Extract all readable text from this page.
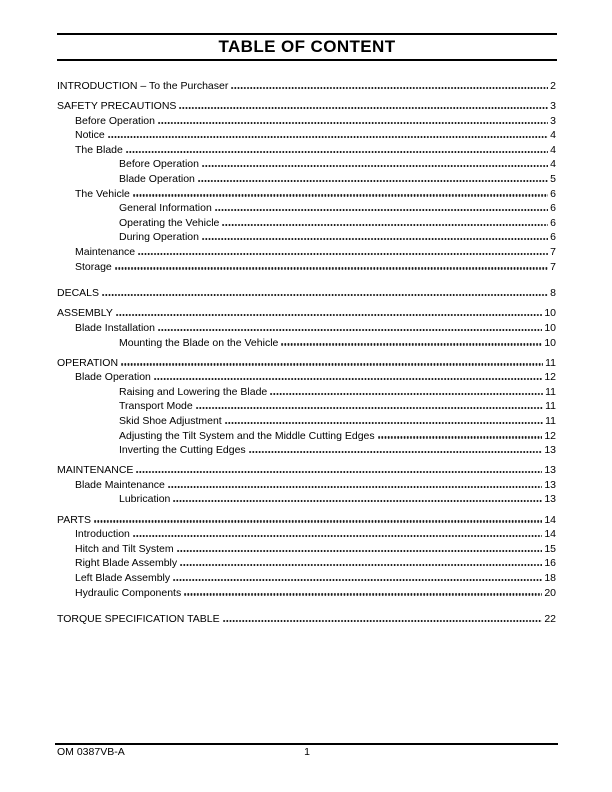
TABLE OF CONTENT
INTRODUCTION – To the Purchaser	2
SAFETY PRECAUTIONS	3
Before Operation	3
Notice	4
The Blade	4
Before Operation	4
Blade Operation	5
The Vehicle	6
General Information	6
Operating the Vehicle	6
During Operation	6
Maintenance	7
Storage	7
DECALS	8
ASSEMBLY	10
Blade Installation	10
Mounting the Blade on the Vehicle	10
OPERATION	11
Blade Operation	12
Raising and Lowering the Blade	11
Transport Mode	11
Skid Shoe Adjustment	11
Adjusting the Tilt System and the Middle Cutting Edges	12
Inverting the Cutting Edges	13
MAINTENANCE	13
Blade Maintenance	13
Lubrication	13
PARTS	14
Introduction	14
Hitch and Tilt System	15
Right Blade Assembly	16
Left Blade Assembly	18
Hydraulic Components	20
TORQUE SPECIFICATION TABLE	22
OM 0387VB-A	1
